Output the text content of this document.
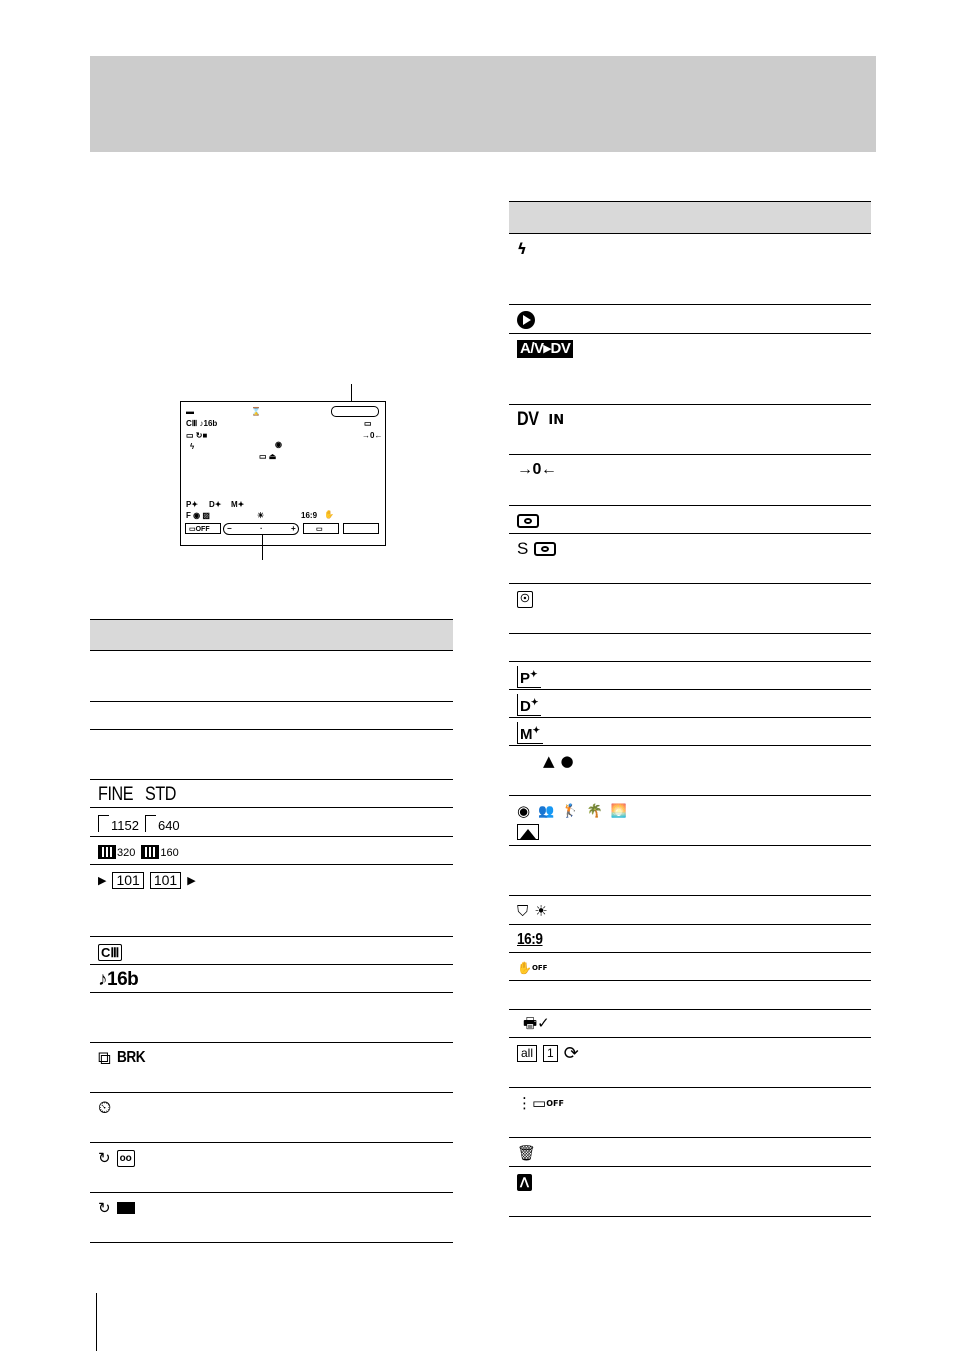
▬	⌛
CⅢ ♪16b	▭
▭ ↻■	→0←
ϟ	◉
▭ ⏏
P✦ D✦ M✦
F ◉ ▨	☀	16:9 ✋
▭OFF −	·	+	▭
FINE STD
1152 640
320 160
▶ 101 101 ▶
CⅢ
♪16b
⧉ BRK
⏲
↻ oo
↻
ϟ
A/V▸DV
DV IN
→0←
S
☉
P✦
D✦
M✦
▲ ●
◉ 👥 🏌 🌴 🌅
⛉ ☀
16:9
✋ OFF
🖶✓
all	1 ⟳
⋮▭ OFF
🗑
ᐱ
